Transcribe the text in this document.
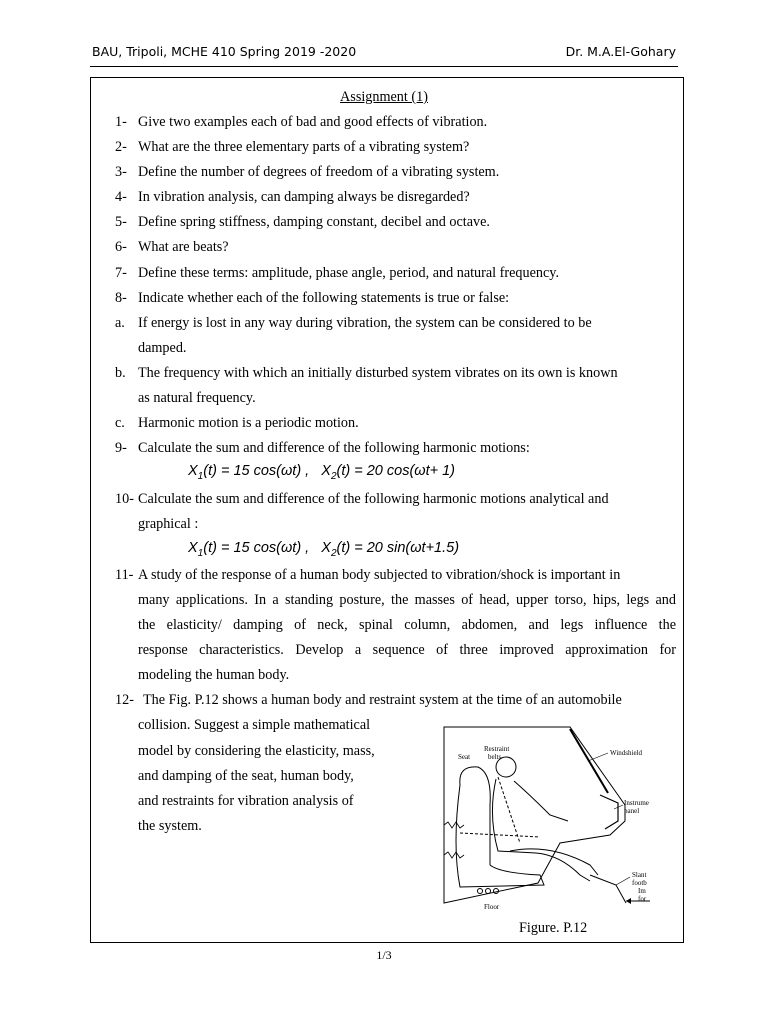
BAU, Tripoli, MCHE 410 Spring 2019 -2020	Dr. M.A.El-Gohary
Assignment (1)
1- Give two examples each of bad and good effects of vibration.
2- What are the three elementary parts of a vibrating system?
3- Define the number of degrees of freedom of a vibrating system.
4- In vibration analysis, can damping always be disregarded?
5- Define spring stiffness, damping constant, decibel and octave.
6- What are beats?
7- Define these terms: amplitude, phase angle, period, and natural frequency.
8- Indicate whether each of the following statements is true or false:
a. If energy is lost in any way during vibration, the system can be considered to be
damped.
b. The frequency with which an initially disturbed system vibrates on its own is known
as natural frequency.
c. Harmonic motion is a periodic motion.
9- Calculate the sum and difference of the following harmonic motions:
$X_1(t) = 15$ cos(ωt) , $X_2(t) = 20$ cos(ωt+ 1)
10- Calculate the sum and difference of the following harmonic motions analytical and
graphical :
$X_1(t) = 15$ cos(ωt) , $X_2(t) = 20$ sin(ωt+1.5)
11- A study of the response of a human body subjected to vibration/shock is important in
many applications. In a standing posture, the masses of head, upper torso, hips, legs and
the elasticity/ damping of neck, spinal column, abdomen, and legs influence the
response characteristics. Develop a sequence of three improved approximation for
modeling the human body.
12- The Fig. P.12 shows a human body and restraint system at the time of an automobile
collision. Suggest a simple mathematical
model by considering the elasticity, mass,
and damping of the seat, human body,
and restraints for vibration analysis of
the system.
Seat
Restraint
belts	Windshield
Instrume
panel
Slant
footb
Im
for
Floor
Figure. P.12
1/3
